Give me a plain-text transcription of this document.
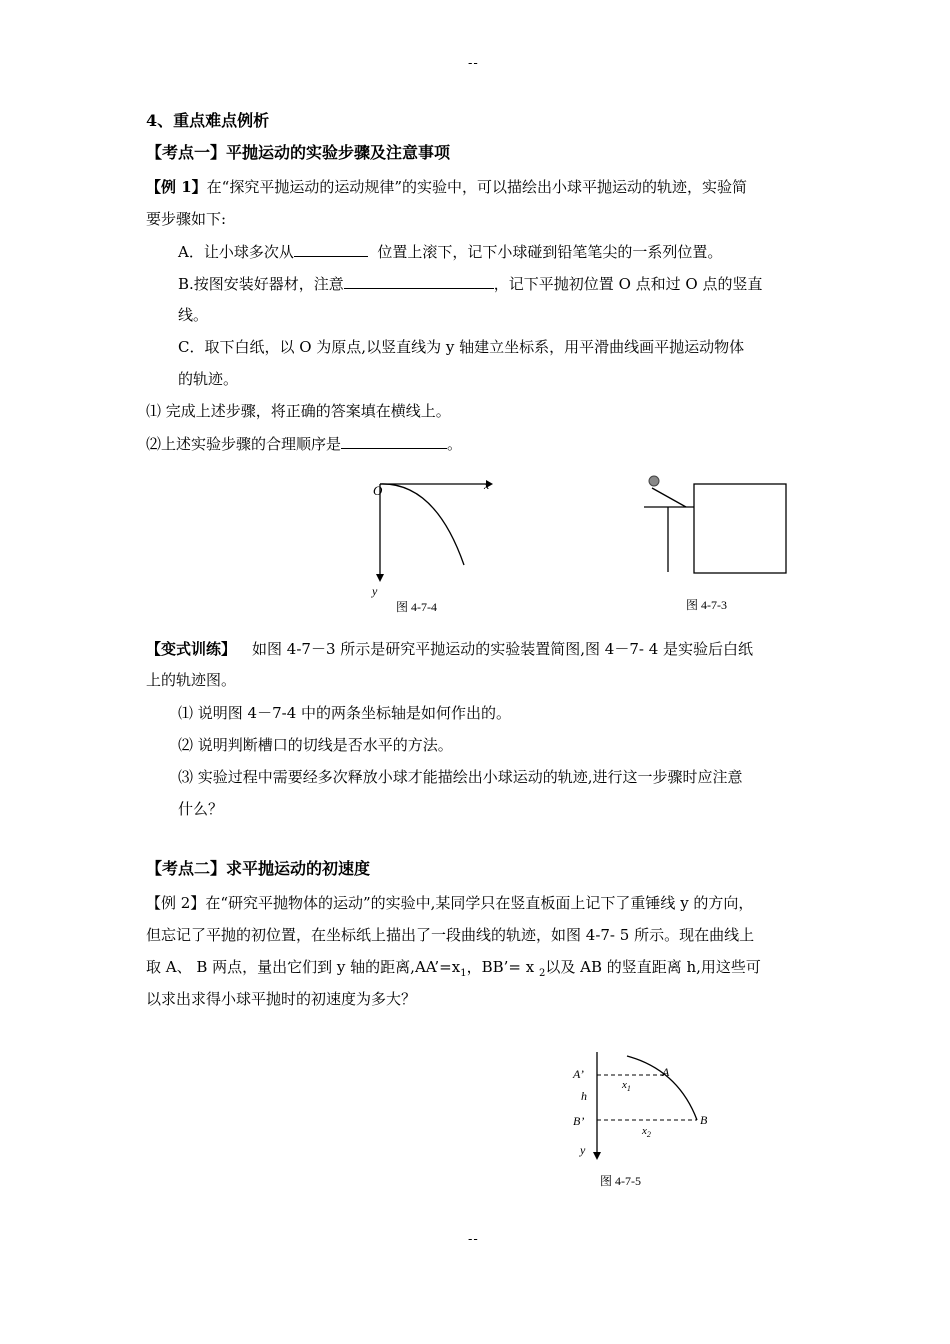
--
4、重点难点例析
【考点一】平抛运动的实验步骤及注意事项
【例 1】在“探究平抛运动的运动规律”的实验中，可以描绘出小球平抛运动的轨迹，实验简
要步骤如下:
A．让小球多次从	位置上滚下，记下小球碰到铅笔笔尖的一系列位置。
B.按图安装好器材，注意	，记下平抛初位置 O 点和过 O 点的竖直
线。
C．取下白纸，以 O 为原点,以竖直线为 y 轴建立坐标系，用平滑曲线画平抛运动物体
的轨迹。
⑴ 完成上述步骤，将正确的答案填在横线上。
⑵上述实验步骤的合理顺序是	。
O	x
y
图 4-7-4	图 4-7-3
【变式训练】 如图 4-7－3 所示是研究平抛运动的实验装置简图,图 4－7- 4 是实验后白纸
上的轨迹图。
⑴ 说明图 4－7-4 中的两条坐标轴是如何作出的。
⑵ 说明判断槽口的切线是否水平的方法。
⑶ 实验过程中需要经多次释放小球才能描绘出小球运动的轨迹,进行这一步骤时应注意
什么？
【考点二】求平抛运动的初速度
【例 2】在“研究平抛物体的运动”的实验中,某同学只在竖直板面上记下了重锤线 y 的方向，
但忘记了平抛的初位置，在坐标纸上描出了一段曲线的轨迹，如图 4-7- 5 所示。现在曲线上
取 A、 B 两点，量出它们到 y 轴的距离$,AA’=x_1$，BB’= x $_2$以及 AB 的竖直距离 h,用这些可
以求出求得小球平抛时的初速度为多大？
A’	A
$x_1$
h
B’	B
$x_2$
y
图 4-7-5
--
